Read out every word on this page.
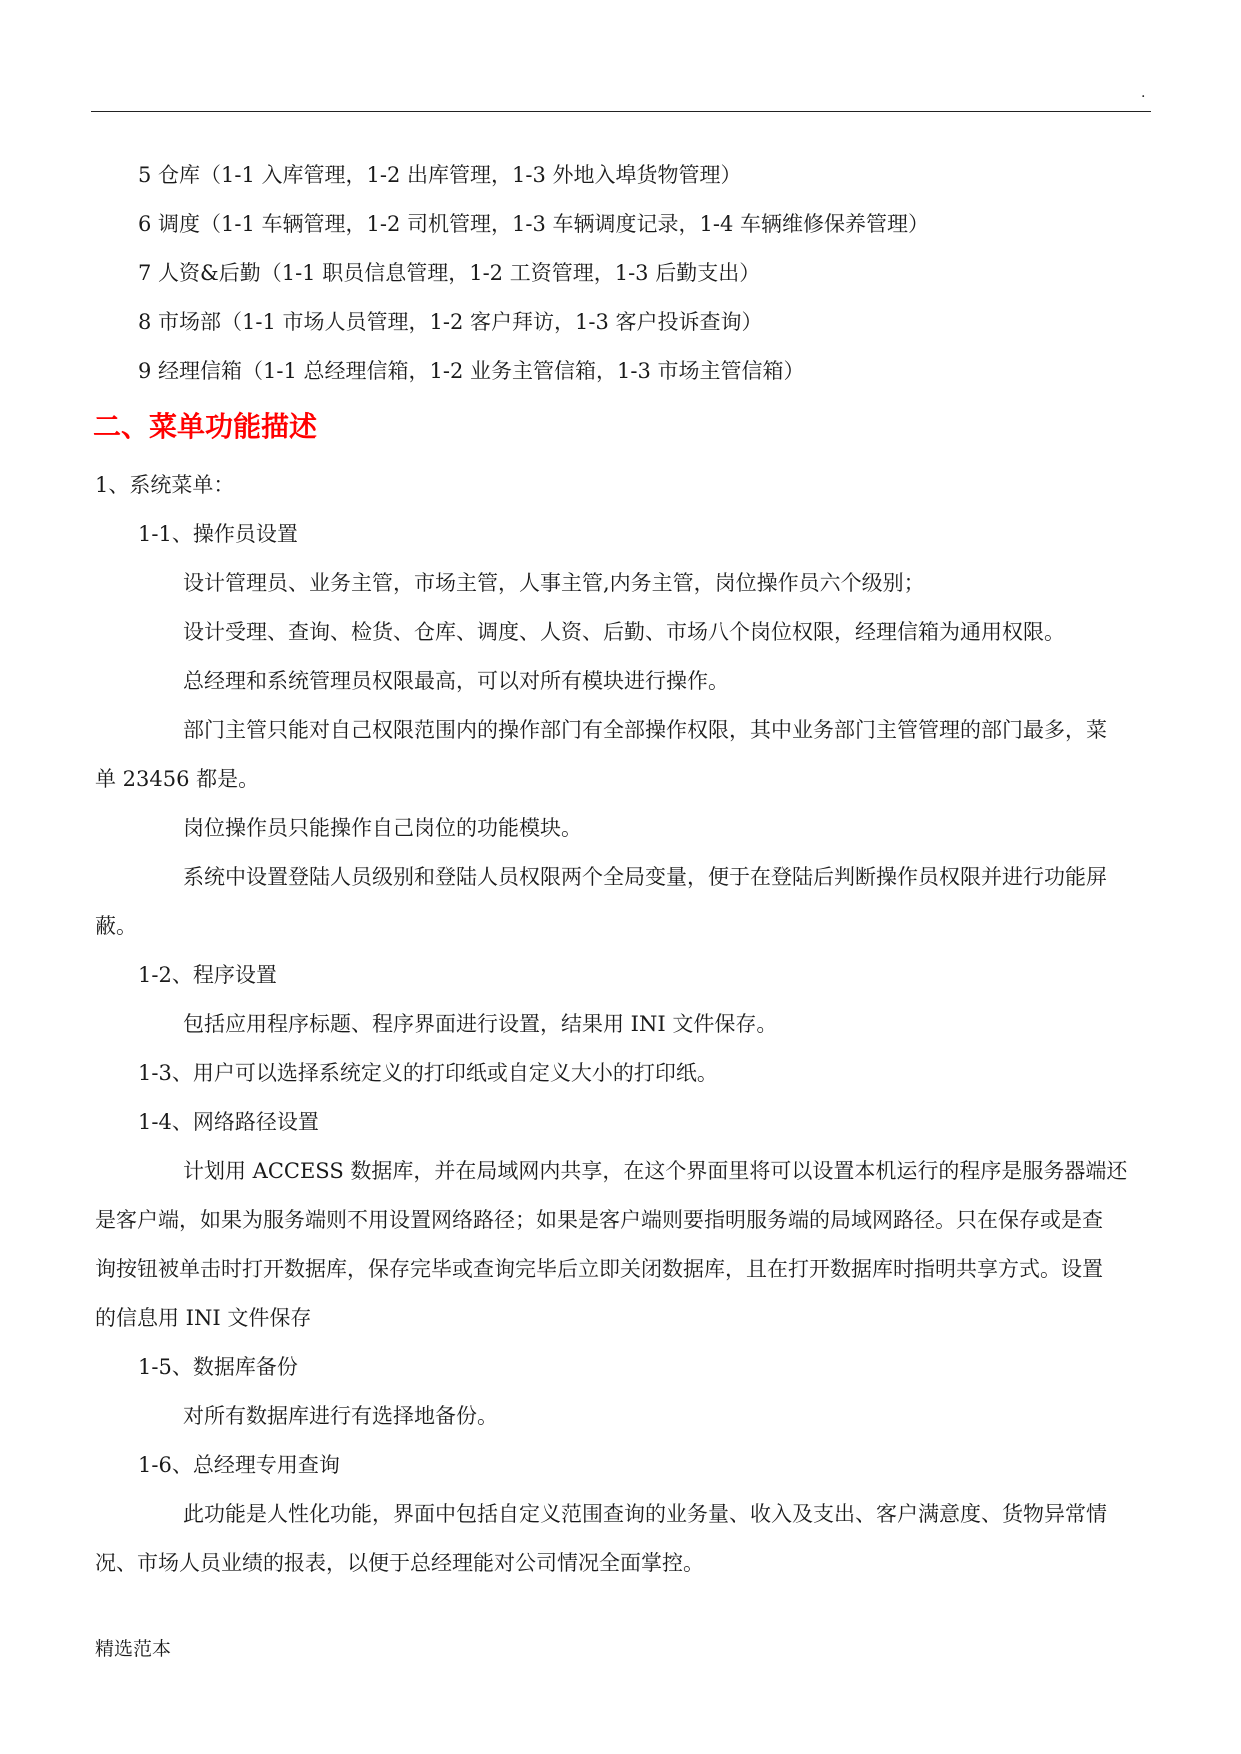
.
5 仓库（1-1 入库管理，1-2 出库管理，1-3 外地入埠货物管理）
6 调度（1-1 车辆管理，1-2 司机管理，1-3 车辆调度记录，1-4 车辆维修保养管理）
7 人资&后勤（1-1 职员信息管理，1-2 工资管理，1-3 后勤支出）
8 市场部（1-1 市场人员管理，1-2 客户拜访，1-3 客户投诉查询）
9 经理信箱（1-1 总经理信箱，1-2 业务主管信箱，1-3 市场主管信箱）
二、菜单功能描述
1、系统菜单：
1-1、操作员设置
设计管理员、业务主管，市场主管，人事主管,内务主管，岗位操作员六个级别；
设计受理、查询、检货、仓库、调度、人资、后勤、市场八个岗位权限，经理信箱为通用权限。
总经理和系统管理员权限最高，可以对所有模块进行操作。
部门主管只能对自己权限范围内的操作部门有全部操作权限，其中业务部门主管管理的部门最多，菜
单 23456 都是。
岗位操作员只能操作自己岗位的功能模块。
系统中设置登陆人员级别和登陆人员权限两个全局变量，便于在登陆后判断操作员权限并进行功能屏
蔽。
1-2、程序设置
包括应用程序标题、程序界面进行设置，结果用 INI 文件保存。
1-3、用户可以选择系统定义的打印纸或自定义大小的打印纸。
1-4、网络路径设置
计划用 ACCESS 数据库，并在局域网内共享，在这个界面里将可以设置本机运行的程序是服务器端还
是客户端，如果为服务端则不用设置网络路径；如果是客户端则要指明服务端的局域网路径。只在保存或是查
询按钮被单击时打开数据库，保存完毕或查询完毕后立即关闭数据库，且在打开数据库时指明共享方式。设置
的信息用 INI 文件保存
1-5、数据库备份
对所有数据库进行有选择地备份。
1-6、总经理专用查询
此功能是人性化功能，界面中包括自定义范围查询的业务量、收入及支出、客户满意度、货物异常情
况、市场人员业绩的报表，以便于总经理能对公司情况全面掌控。
精选范本
